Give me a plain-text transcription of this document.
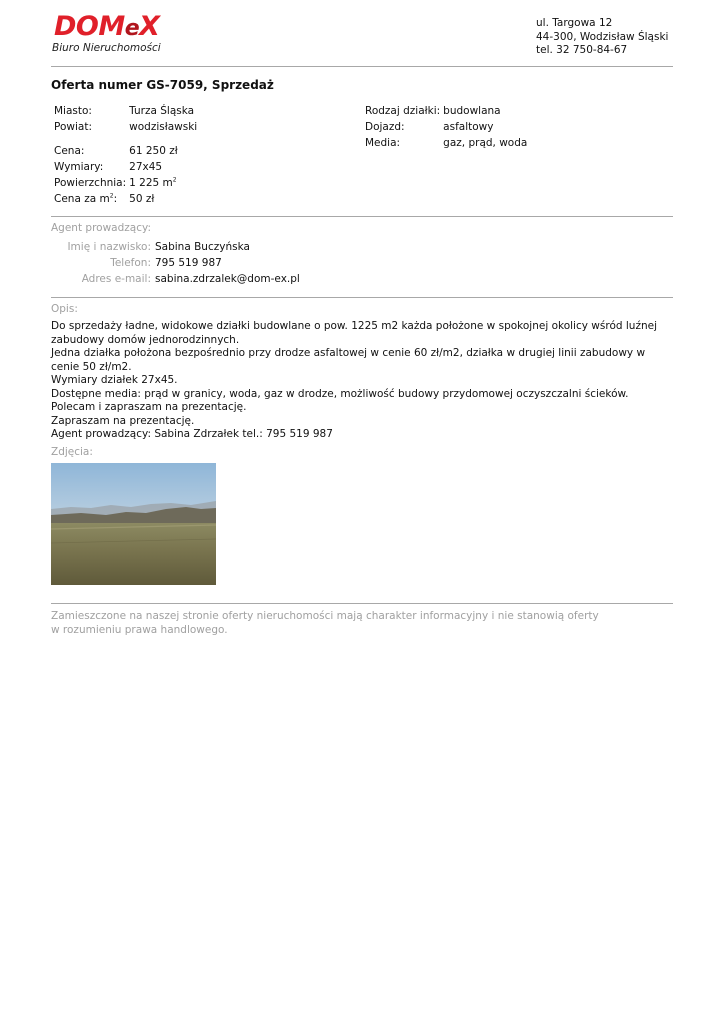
DOMeX
Biuro Nieruchomości
ul. Targowa 12
44-300, Wodzisław Śląski
tel. 32 750-84-67
Oferta numer GS-7059, Sprzedaż
Miasto:	Turza Śląska
Powiat:	wodzisławski

Cena:	61 250 zł
Wymiary:	27x45
Powierzchnia:	1 225 $m^2$
Cena za $m^2$:	50 zł
Rodzaj działki:	budowlana
Dojazd:	asfaltowy
Media:	gaz, prąd, woda
Agent prowadzący:
Imię i nazwisko: Sabina Buczyńska
Telefon: 795 519 987
Adres e-mail: sabina.zdrzalek@dom-ex.pl
Opis:

Do sprzedaży ładne, widokowe działki budowlane o pow. 1225 m2 każda położone w spokojnej okolicy wśród luźnej zabudowy domów jednorodzinnych.

Jedna działka położona bezpośrednio przy drodze asfaltowej w cenie 60 zł/m2, działka w drugiej linii zabudowy w cenie 50 zł/m2.

Wymiary działek 27x45.

Dostępne media: prąd w granicy, woda, gaz w drodze, możliwość budowy przydomowej oczyszczalni ścieków.

Polecam i zapraszam na prezentację.

Zapraszam na prezentację.

Agent prowadzący: Sabina Zdrzałek tel.: 795 519 987

Zdjęcia:
Zamieszczone na naszej stronie oferty nieruchomości mają charakter informacyjny i nie stanowią oferty
w rozumieniu prawa handlowego.
